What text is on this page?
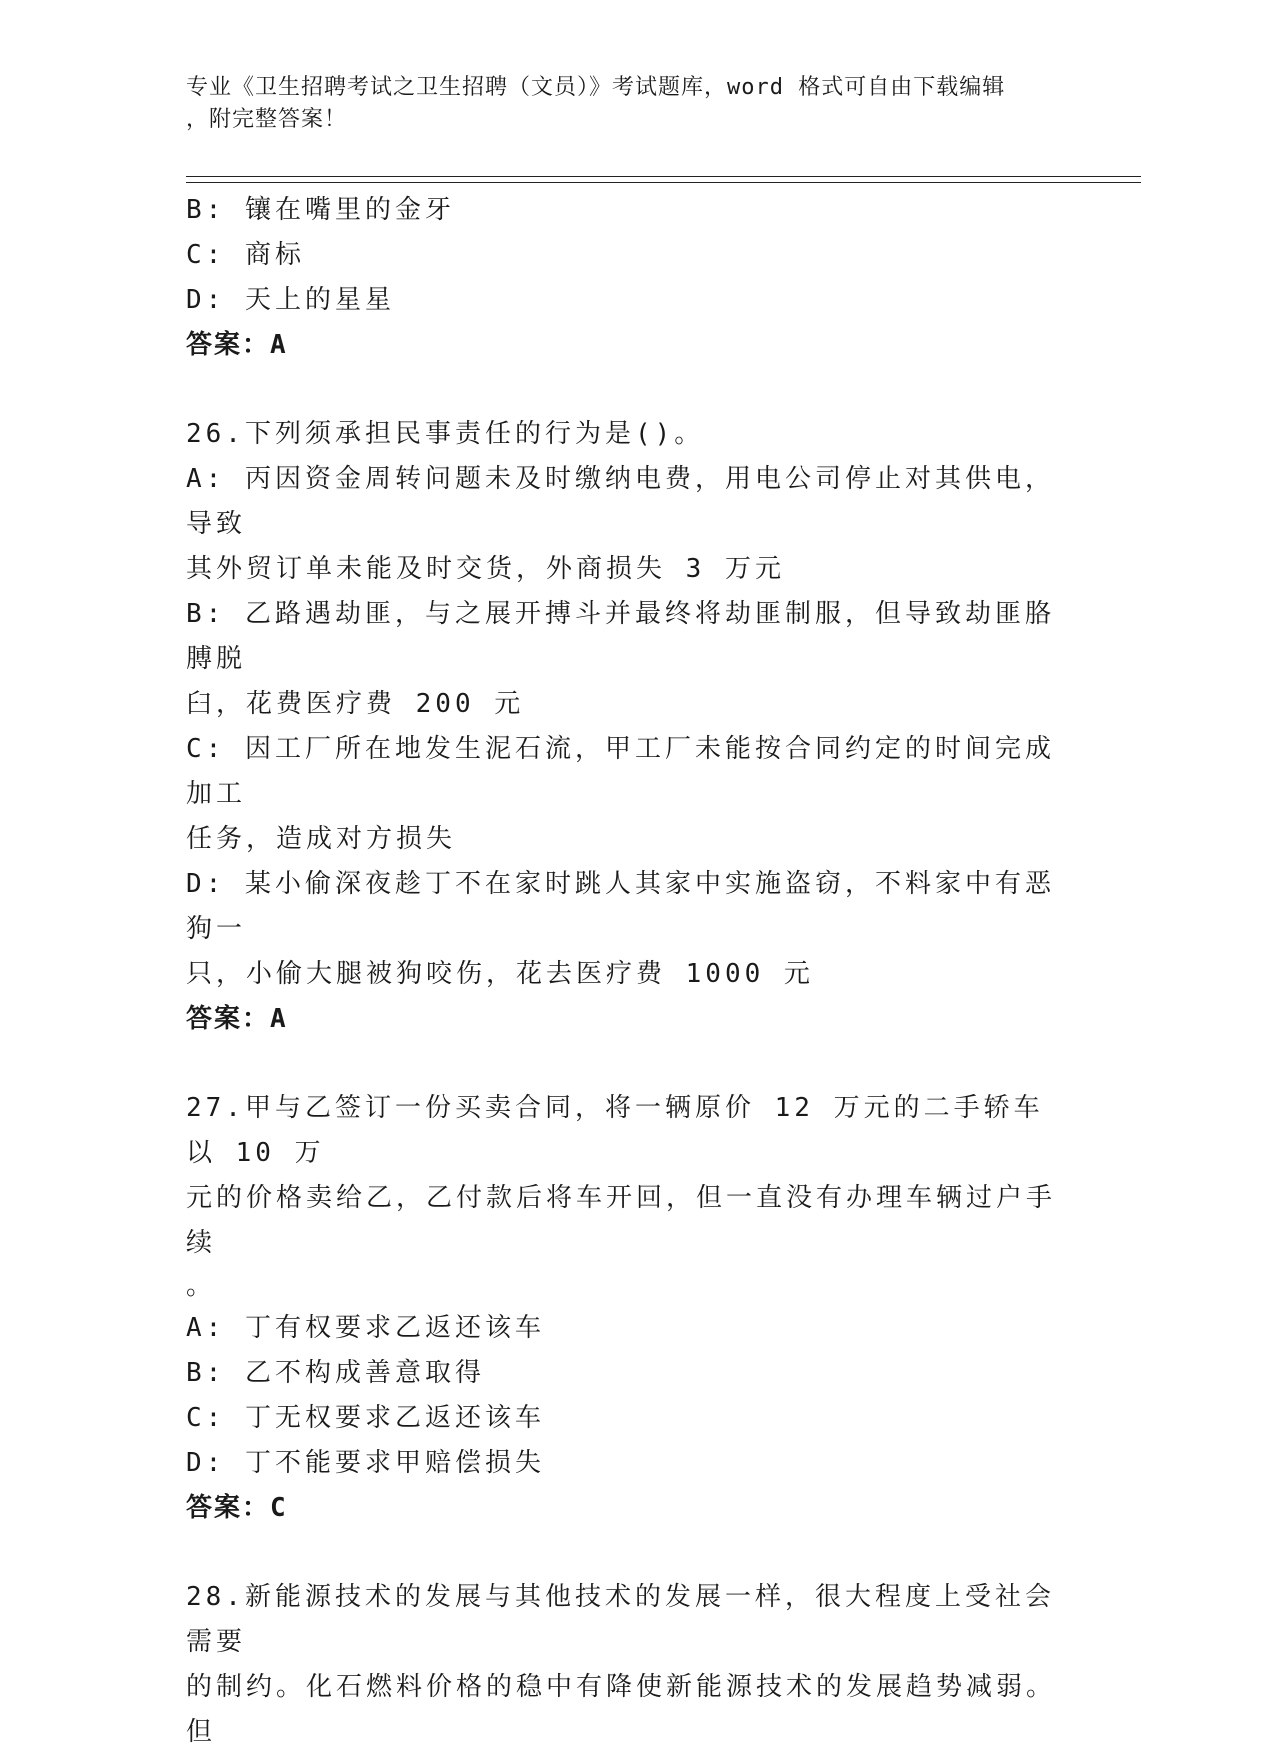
专业《卫生招聘考试之卫生招聘（文员）》考试题库，word 格式可自由下载编辑
，附完整答案！
B: 镶在嘴里的金牙
C: 商标
D: 天上的星星
答案：A
26.下列须承担民事责任的行为是()。
A: 丙因资金周转问题未及时缴纳电费，用电公司停止对其供电，导致
其外贸订单未能及时交货，外商损失 3 万元
B: 乙路遇劫匪，与之展开搏斗并最终将劫匪制服，但导致劫匪胳膊脱
臼，花费医疗费 200 元
C: 因工厂所在地发生泥石流，甲工厂未能按合同约定的时间完成加工
任务，造成对方损失
D: 某小偷深夜趁丁不在家时跳人其家中实施盗窃，不料家中有恶狗一
只，小偷大腿被狗咬伤，花去医疗费 1000 元
答案：A
27.甲与乙签订一份买卖合同，将一辆原价 12 万元的二手轿车以 10 万
元的价格卖给乙，乙付款后将车开回，但一直没有办理车辆过户手续
。
A: 丁有权要求乙返还该车
B: 乙不构成善意取得
C: 丁无权要求乙返还该车
D: 丁不能要求甲赔偿损失
答案：C
28.新能源技术的发展与其他技术的发展一样，很大程度上受社会需要
的制约。化石燃料价格的稳中有降使新能源技术的发展趋势减弱。但
